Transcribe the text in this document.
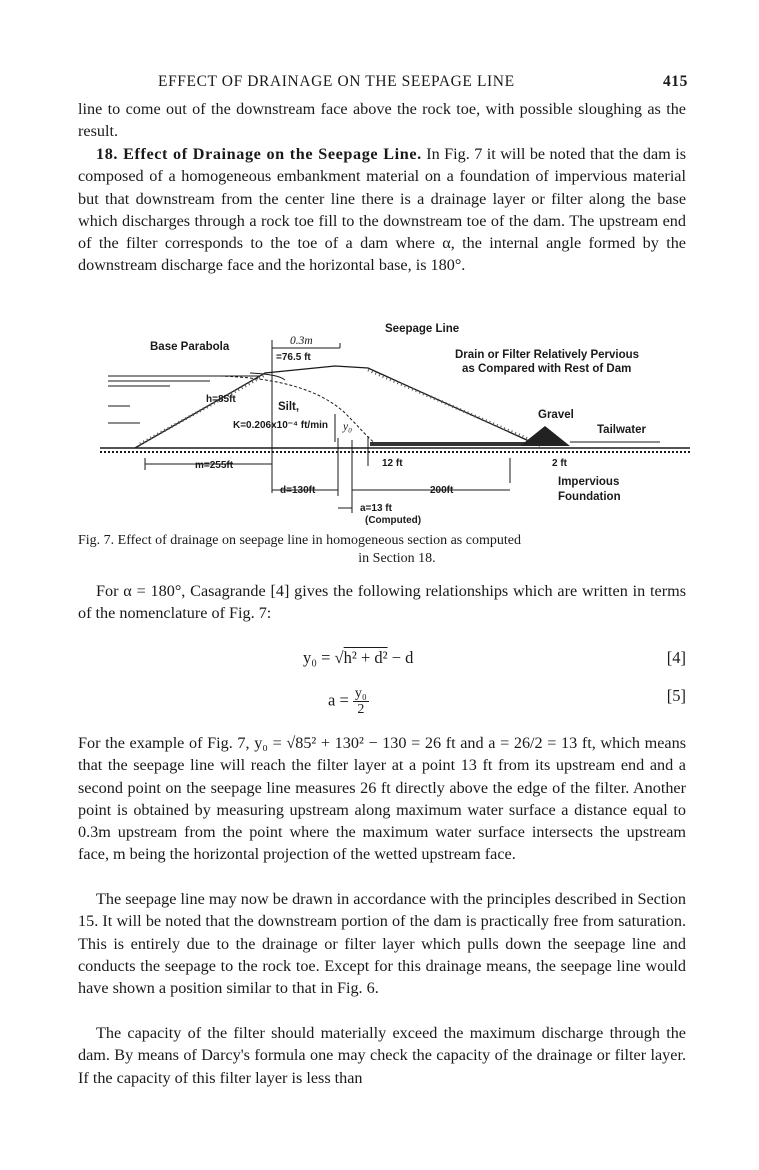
EFFECT OF DRAINAGE ON THE SEEPAGE LINE	415

line to come out of the downstream face above the rock toe, with possible sloughing as the result.

18. Effect of Drainage on the Seepage Line. In Fig. 7 it will be noted that the dam is composed of a homogeneous embankment material on a foundation of impervious material but that downstream from the center line there is a drainage layer or filter along the base which discharges through a rock toe fill to the downstream toe of the dam. The upstream end of the filter corresponds to the toe of a dam where α, the internal angle formed by the downstream discharge face and the horizontal base, is 180°.

Base Parabola	0.3m
=76.5 ft
Seepage Line
Drain or Filter Relatively Pervious
as Compared with Rest of Dam
h=85ft
Silt,
K=0.206x10⁻⁴ ft/min y₀
Gravel
Tailwater
m=255ft	12 ft	2 ft
d=130ft	200ft
a=13 ft
(Computed)
Impervious
Foundation
Fig. 7. Effect of drainage on seepage line in homogeneous section as computed
in Section 18.

For α = 180°, Casagrande [4] gives the following relationships which are written in terms of the nomenclature of Fig. 7:

y₀ = √h² + d² − d	[4]
$a = \frac{\text{y₀}}{2}$	[5]

For the example of Fig. 7, y₀ = √85² + 130² − 130 = 26 ft and a = 26/2 = 13 ft, which means that the seepage line will reach the filter layer at a point 13 ft from its upstream end and a second point on the seepage line measures 26 ft directly above the edge of the filter. Another point is obtained by measuring upstream along maximum water surface a distance equal to 0.3m upstream from the point where the maximum water surface intersects the upstream face, m being the horizontal projection of the wetted upstream face.

The seepage line may now be drawn in accordance with the principles described in Section 15. It will be noted that the downstream portion of the dam is practically free from saturation. This is entirely due to the drainage or filter layer which pulls down the seepage line and conducts the seepage to the rock toe. Except for this drainage means, the seepage line would have shown a position similar to that in Fig. 6.

The capacity of the filter should materially exceed the maximum discharge through the dam. By means of Darcy's formula one may check the capacity of the drainage or filter layer. If the capacity of this filter layer is less than
